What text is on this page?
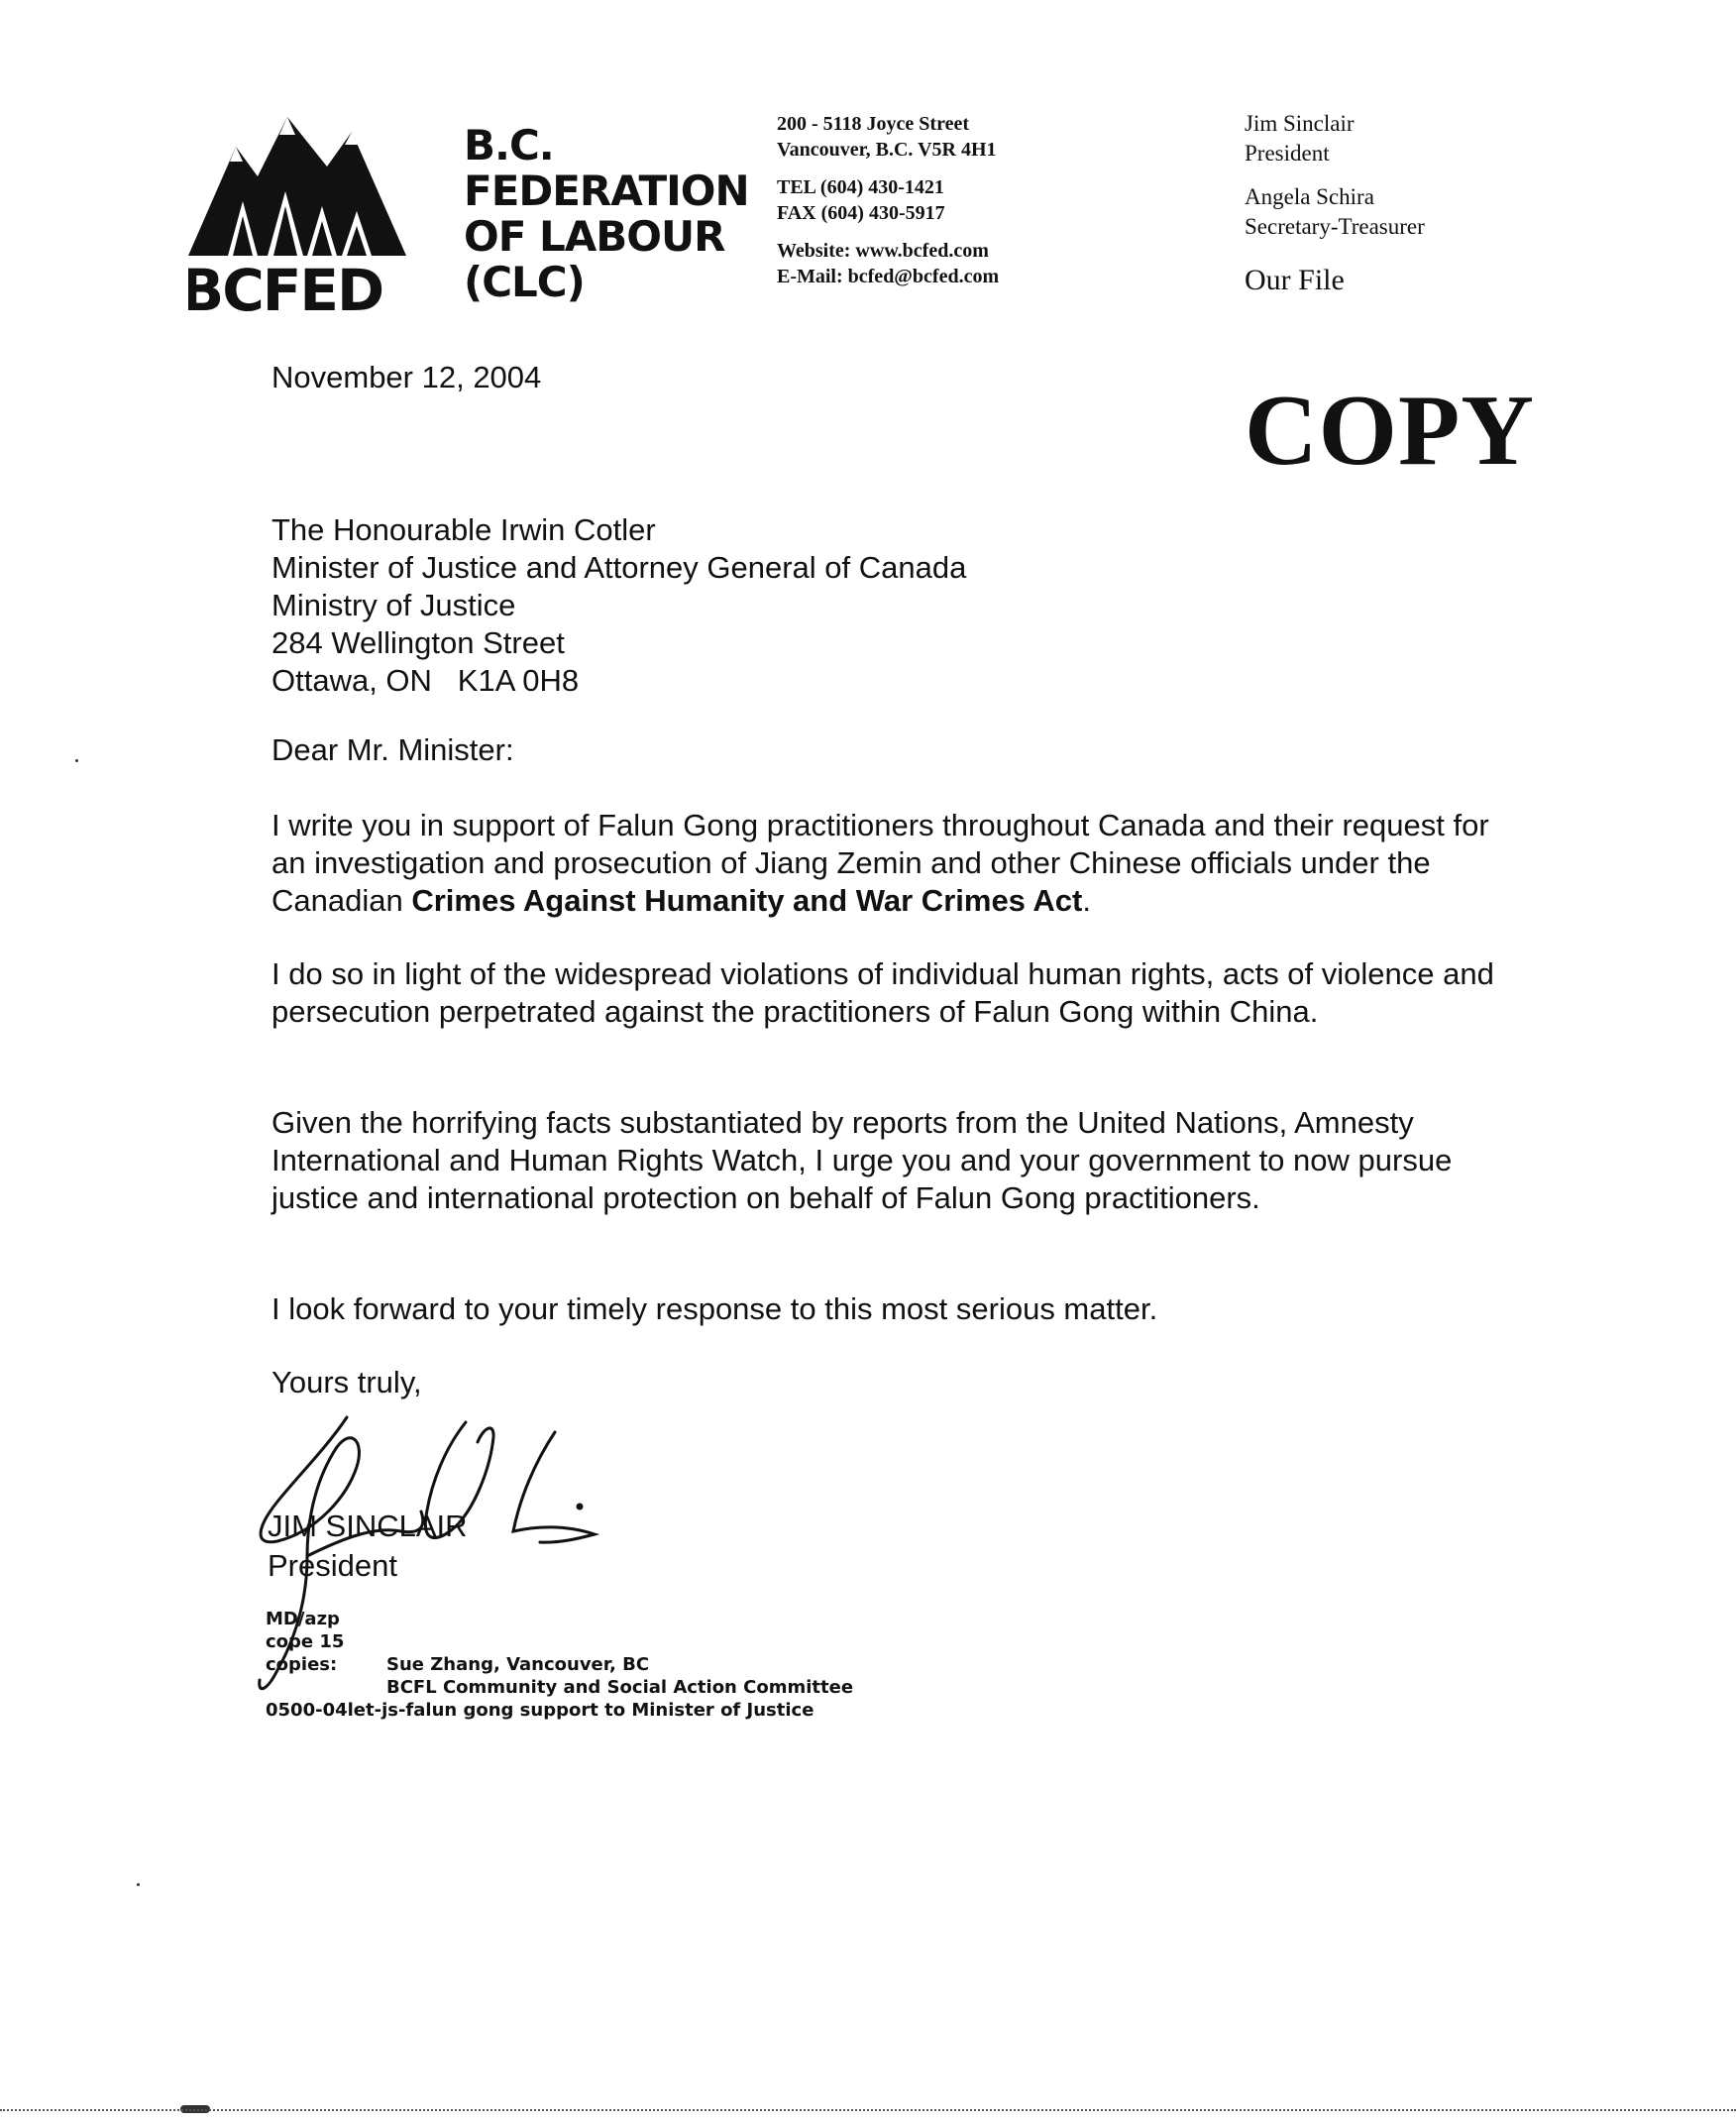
BCFED
B.C.
FEDERATION
OF LABOUR
(CLC)
200 - 5118 Joyce Street
Vancouver, B.C. V5R 4H1
TEL (604) 430-1421
FAX (604) 430-5917
Website: www.bcfed.com
E-Mail: bcfed@bcfed.com
Jim Sinclair
President
Angela Schira
Secretary-Treasurer
Our File
COPY
November 12, 2004
The Honourable Irwin Cotler
Minister of Justice and Attorney General of Canada
Ministry of Justice
284 Wellington Street
Ottawa, ON   K1A 0H8
Dear Mr. Minister:
I write you in support of Falun Gong practitioners throughout Canada and their request for an investigation and prosecution of Jiang Zemin and other Chinese officials under the Canadian Crimes Against Humanity and War Crimes Act.
I do so in light of the widespread violations of individual human rights, acts of violence and persecution perpetrated against the practitioners of Falun Gong within China.
Given the horrifying facts substantiated by reports from the United Nations, Amnesty International and Human Rights Watch, I urge you and your government to now pursue justice and international protection on behalf of Falun Gong practitioners.
I look forward to your timely response to this most serious matter.
Yours truly,
JIM SINCLAIR
President
MD/azp
cope 15
copies:	Sue Zhang, Vancouver, BC
BCFL Community and Social Action Committee
0500-04let-js-falun gong support to Minister of Justice
